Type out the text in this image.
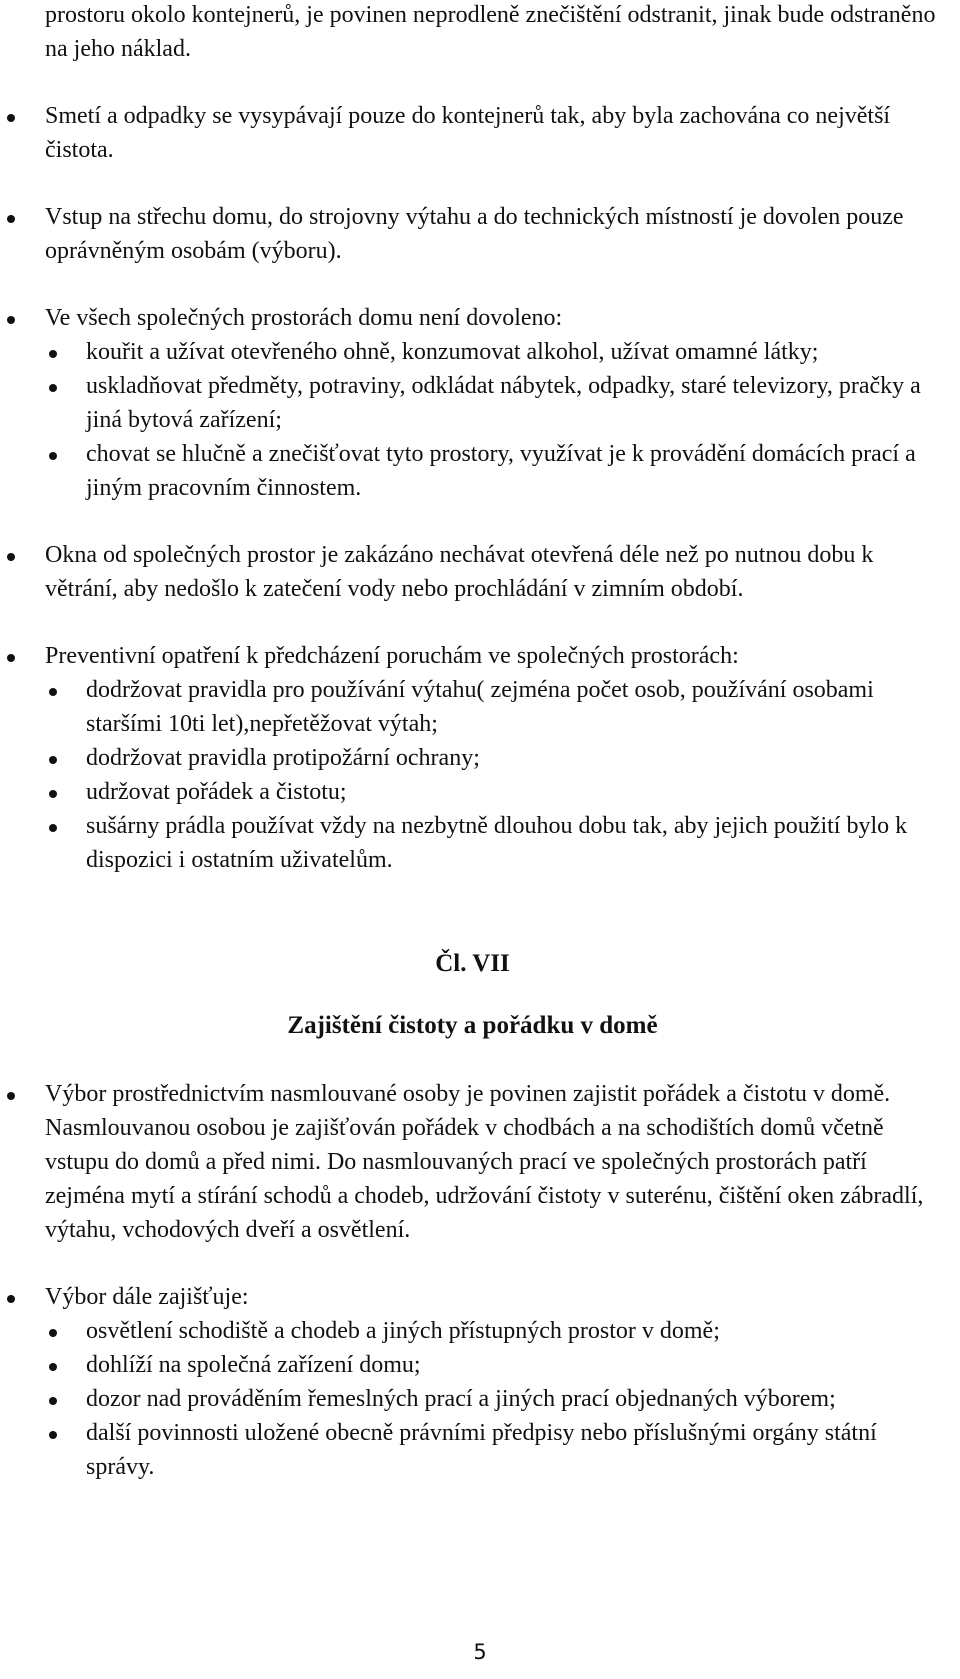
prostoru okolo kontejnerů, je povinen neprodleně znečištění odstranit, jinak bude odstraněno na jeho náklad.

Smetí a odpadky se vysypávají pouze do kontejnerů tak, aby byla zachována co největší čistota.
Vstup na střechu domu, do strojovny výtahu a do technických místností je dovolen pouze oprávněným osobám (výboru).
Ve všech společných prostorách domu není dovoleno:
kouřit a užívat otevřeného ohně, konzumovat alkohol, užívat omamné látky;
uskladňovat předměty, potraviny, odkládat nábytek, odpadky, staré televizory, pračky a jiná bytová zařízení;
chovat se hlučně a znečišťovat tyto prostory, využívat je k provádění domácích prací a jiným pracovním činnostem.
Okna od společných prostor je zakázáno nechávat otevřená déle než po nutnou dobu k větrání, aby nedošlo k zatečení vody nebo prochládání v zimním období.
Preventivní opatření k předcházení poruchám ve společných prostorách:
dodržovat pravidla pro používání výtahu( zejména počet osob, používání osobami staršími 10ti let),nepřetěžovat výtah;
dodržovat pravidla protipožární ochrany;
udržovat pořádek a čistotu;
sušárny prádla používat vždy na nezbytně dlouhou dobu tak, aby jejich použití bylo k dispozici i ostatním uživatelům.

Čl. VII

Zajištění čistoty a pořádku v domě

Výbor prostřednictvím nasmlouvané osoby je povinen zajistit pořádek a čistotu v domě. Nasmlouvanou osobou je zajišťován pořádek v chodbách a na schodištích domů včetně vstupu do domů a před nimi. Do nasmlouvaných prací ve společných prostorách patří zejména mytí a stírání schodů a chodeb, udržování čistoty v suterénu, čištění oken zábradlí, výtahu, vchodových dveří a osvětlení.
Výbor dále zajišťuje:
osvětlení schodiště a chodeb a jiných přístupných prostor v domě;
dohlíží na společná zařízení domu;
dozor nad prováděním řemeslných prací a jiných prací objednaných výborem;
další povinnosti uložené obecně právními předpisy nebo příslušnými orgány státní správy.
5
